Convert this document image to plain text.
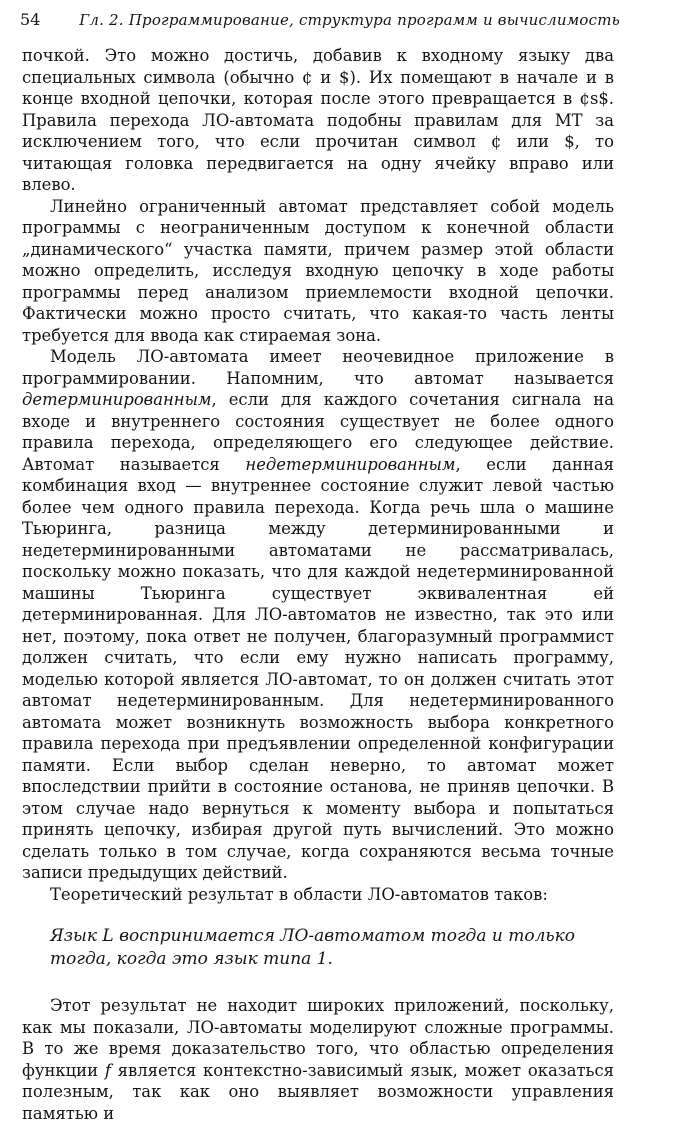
54	Гл. 2. Программирование, структура программ и вычислимость

почкой. Это можно достичь, добавив к входному языку два специальных символа (обычно ¢ и $). Их помещают в начале и в конце входной цепочки, которая после этого превращается в ¢s$. Правила перехода ЛО-автомата подобны правилам для МТ за исключением того, что если прочитан символ ¢ или $, то читающая головка передвигается на одну ячейку вправо или влево.

Линейно ограниченный автомат представляет собой модель программы с неограниченным доступом к конечной области „динамического“ участка памяти, причем размер этой области можно определить, исследуя входную цепочку в ходе работы программы перед анализом приемлемости входной цепочки. Фактически можно просто считать, что какая-то часть ленты требуется для ввода как стираемая зона.

Модель ЛО-автомата имеет неочевидное приложение в программировании. Напомним, что автомат называется детерминированным, если для каждого сочетания сигнала на входе и внутреннего состояния существует не более одного правила перехода, определяющего его следующее действие. Автомат называется недетерминированным, если данная комбинация вход — внутреннее состояние служит левой частью более чем одного правила перехода. Когда речь шла о машине Тьюринга, разница между детерминированными и недетерминированными автоматами не рассматривалась, поскольку можно показать, что для каждой недетерминированной машины Тьюринга существует эквивалентная ей детерминированная. Для ЛО-автоматов не известно, так это или нет, поэтому, пока ответ не получен, благоразумный программист должен считать, что если ему нужно написать программу, моделью которой является ЛО-автомат, то он должен считать этот автомат недетерминированным. Для недетерминированного автомата может возникнуть возможность выбора конкретного правила перехода при предъявлении определенной конфигурации памяти. Если выбор сделан неверно, то автомат может впоследствии прийти в состояние останова, не приняв цепочки. В этом случае надо вернуться к моменту выбора и попытаться принять цепочку, избирая другой путь вычислений. Это можно сделать только в том случае, когда сохраняются весьма точные записи предыдущих действий.

Теоретический результат в области ЛО-автоматов таков:

Язык L воспринимается ЛО-автоматом тогда и только тогда, когда это язык типа 1.

Этот результат не находит широких приложений, поскольку, как мы показали, ЛО-автоматы моделируют сложные программы. В то же время доказательство того, что областью определения функции f является контекстно-зависимый язык, может оказаться полезным, так как оно выявляет возможности управления памятью и
